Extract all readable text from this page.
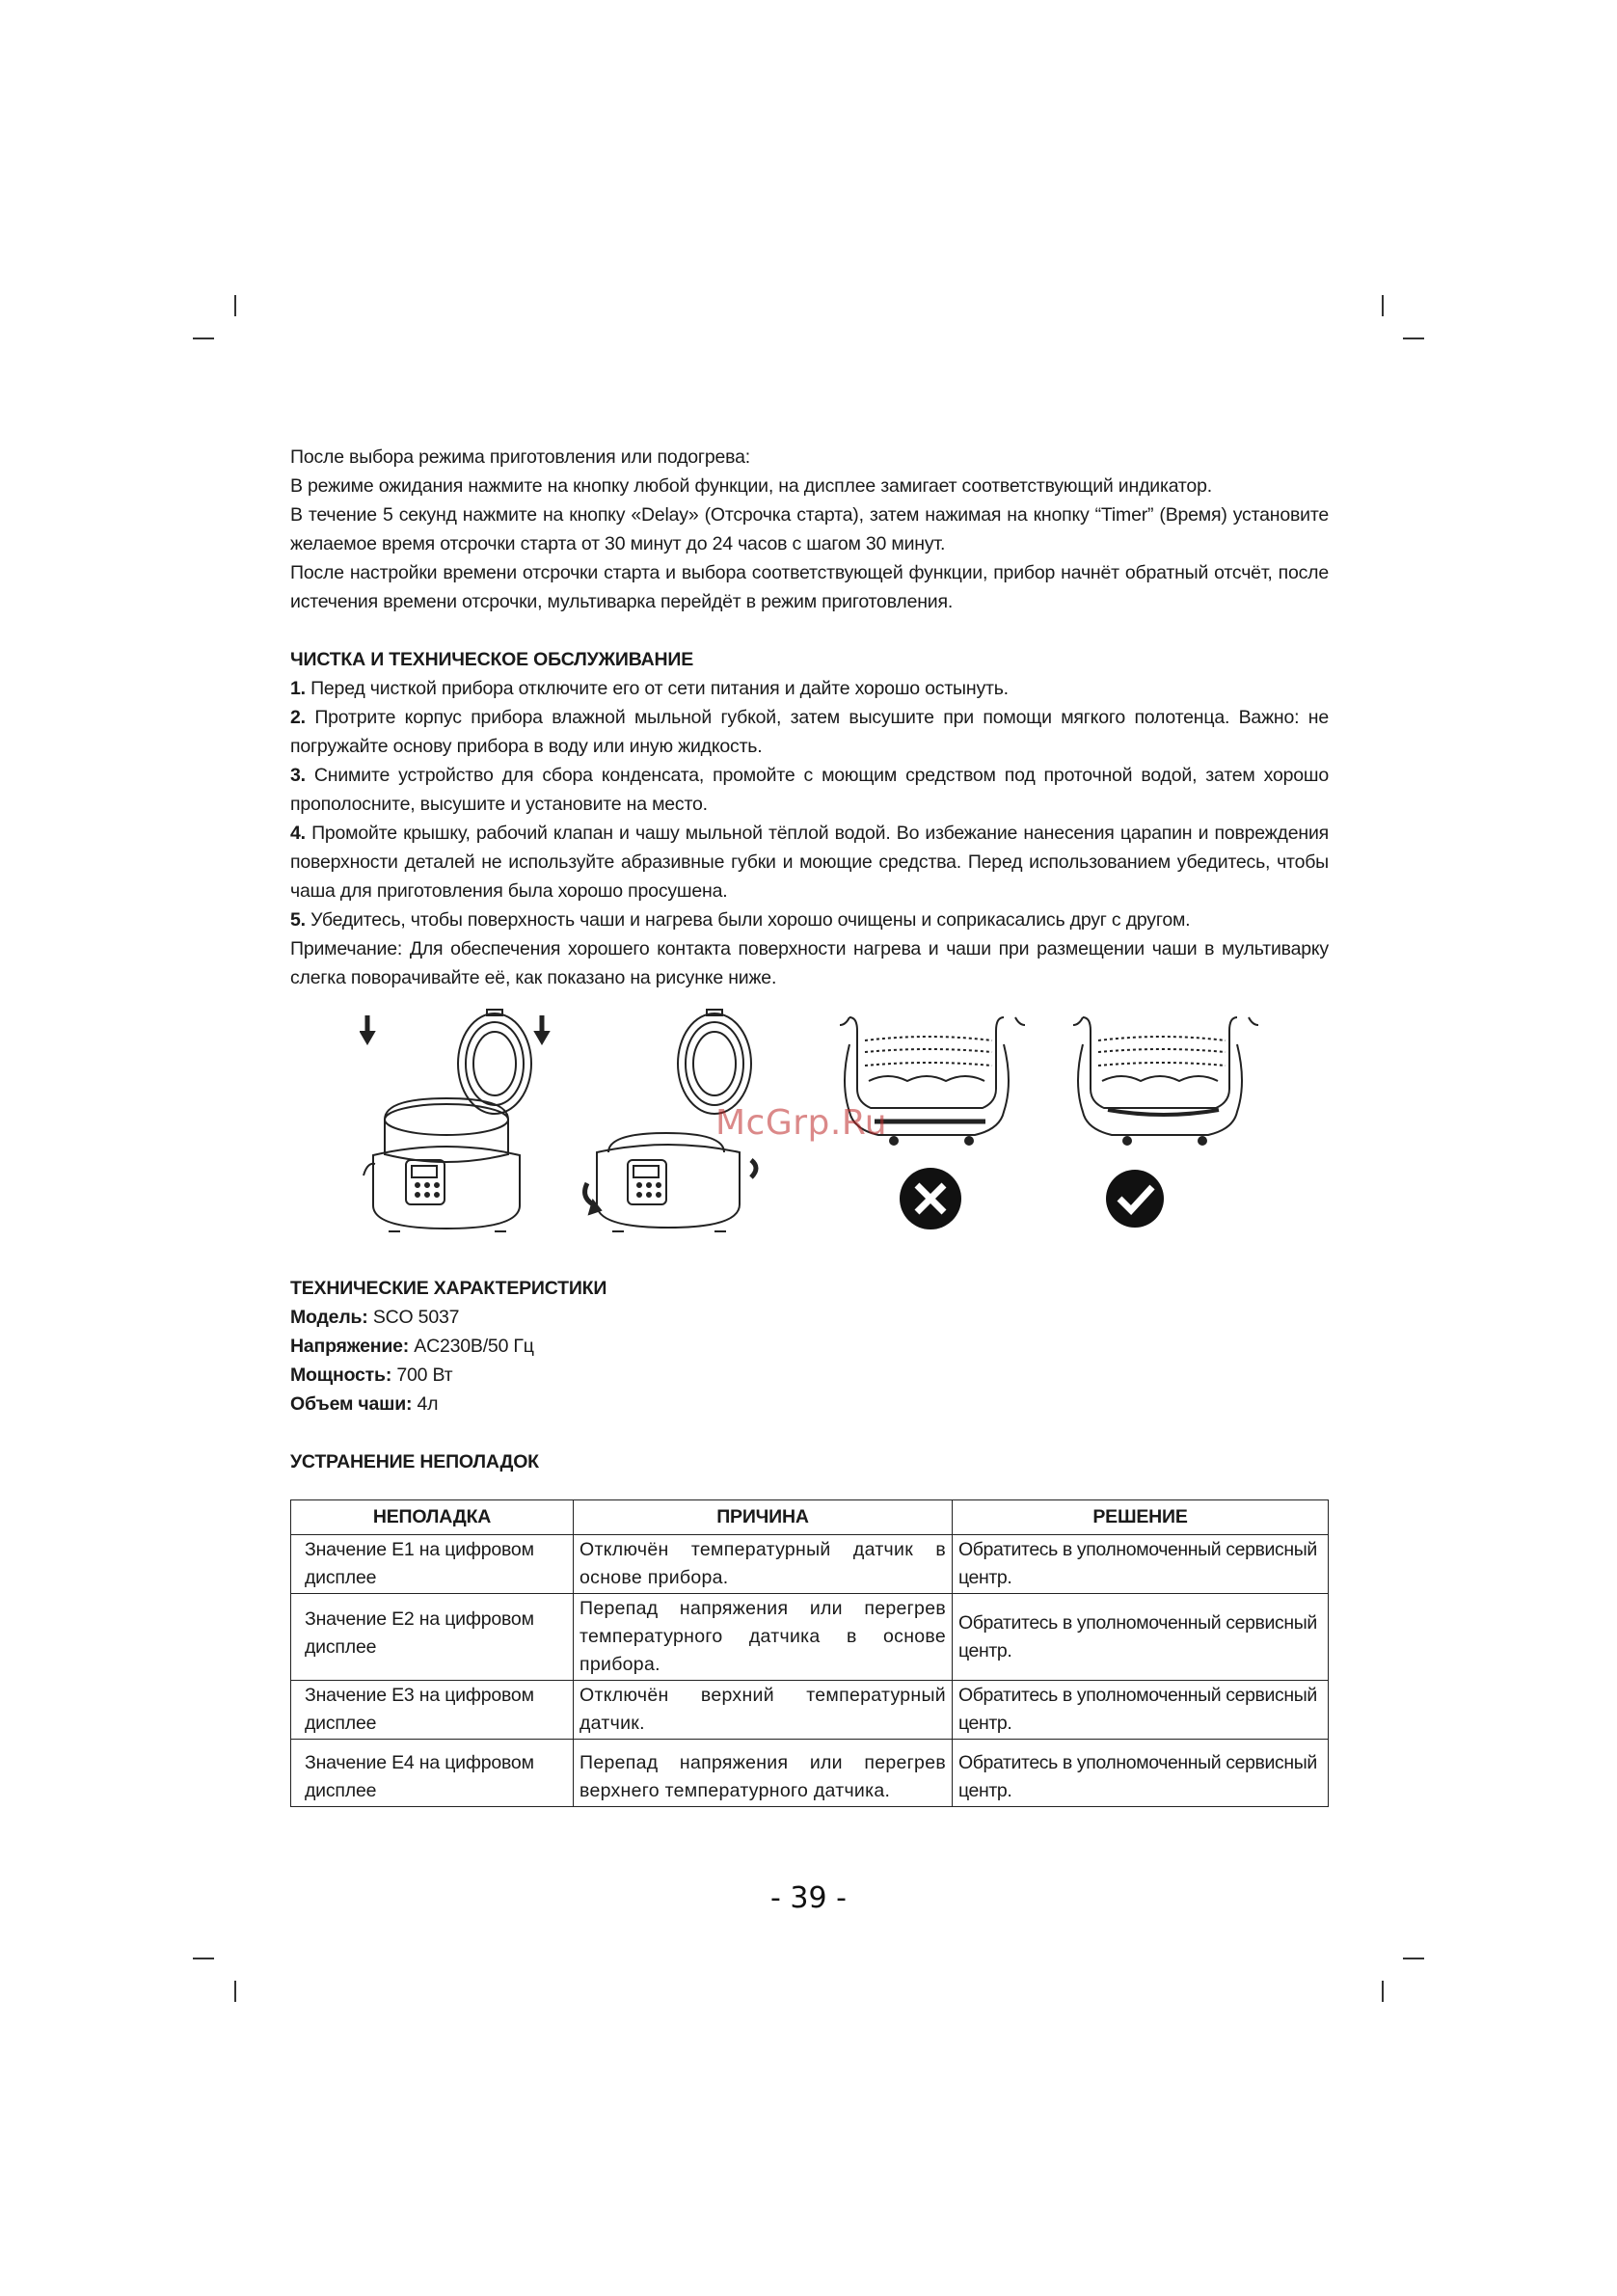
После выбора режима приготовления или подогрева:

В режиме ожидания нажмите на кнопку любой функции, на дисплее замигает соответствующий индикатор.

В течение 5 секунд нажмите на кнопку «Delay» (Отсрочка старта), затем нажимая на кнопку “Timer” (Время) установите желаемое время отсрочки старта от 30 минут до 24 часов с шагом 30 минут.

После настройки времени отсрочки старта и выбора соответствующей функции, прибор начнёт обратный отсчёт, после истечения времени отсрочки, мультиварка перейдёт в режим приготовления.

ЧИСТКА И ТЕХНИЧЕСКОЕ ОБСЛУЖИВАНИЕ

1. Перед чисткой прибора отключите его от сети питания и дайте хорошо остынуть.

2. Протрите корпус прибора влажной мыльной губкой, затем высушите при помощи мягкого полотенца. Важно: не погружайте основу прибора в воду или иную жидкость.

3. Снимите устройство для сбора конденсата, промойте с моющим средством под проточной водой, затем хорошо прополосните, высушите и установите на место.

4. Промойте крышку, рабочий клапан и чашу мыльной тёплой водой. Во избежание нанесения царапин и повреждения поверхности деталей не используйте абразивные губки и моющие средства. Перед использованием убедитесь, чтобы чаша для приготовления была хорошо просушена.

5. Убедитесь, чтобы поверхность чаши и нагрева были хорошо очищены и соприкасались друг с другом.

Примечание: Для обеспечения хорошего контакта поверхности нагрева и чаши при размещении чаши в мультиварку слегка поворачивайте её, как показано на рисунке ниже.

McGrp.Ru

ТЕХНИЧЕСКИЕ ХАРАКТЕРИСТИКИ

Модель: SCO 5037

Напряжение: AC230В/50 Гц

Мощность: 700 Вт

Объем чаши: 4л

УСТРАНЕНИЕ НЕПОЛАДОК

НЕПОЛАДКА	ПРИЧИНА	РЕШЕНИЕ
Значение Е1 на цифровом дисплее	Отключён температурный датчик в основе прибора.	Обратитесь в уполномоченный сервисный центр.
Значение Е2 на цифровом дисплее	Перепад напряжения или перегрев температурного датчика в основе прибора.	Обратитесь в уполномоченный сервисный центр.
Значение Е3 на цифровом дисплее	Отключён верхний температурный датчик.	Обратитесь в уполномоченный сервисный центр.
Значение Е4 на цифровом дисплее	Перепад напряжения или перегрев верхнего температурного датчика.	Обратитесь в уполномоченный сервисный центр.
- 39 -
